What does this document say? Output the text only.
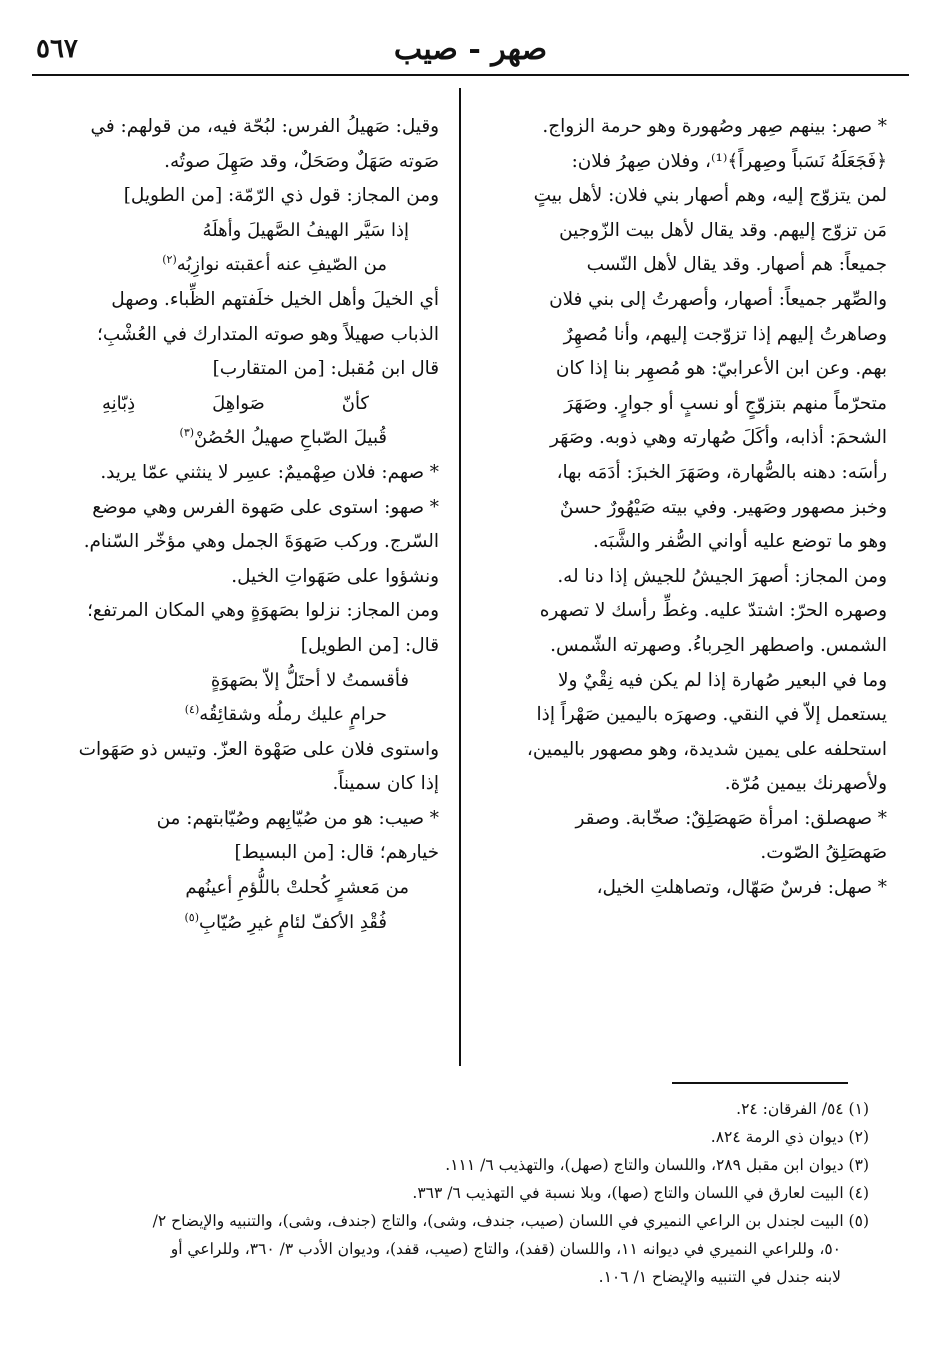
صهر - صيب
٥٦٧

* صهر: بينهم صِهر وصُهورة وهو حرمة الزواج.

﴿فَجَعَلَهُ نَسَباً وصِهراً﴾⁽¹⁾، وفلان صِهرُ فلان:

لمن يتزوّج إليه، وهم أصهار بني فلان: لأهل بيتٍ

مَن تزوّج إليهم. وقد يقال لأهل بيت الزّوجين

جميعاً: هم أصهار. وقد يقال لأهل النّسب

والصِّهر جميعاً: أصهار، وأصهرتُ إلى بني فلان

وصاهرتُ إليهم إذا تزوّجت إليهم، وأنا مُصهِرٌ

بهم. وعن ابن الأعرابيّ: هو مُصهِر بنا إذا كان

متحرّماً منهم بتزوّجٍ أو نسبٍ أو جوارٍ. وصَهَرَ

الشحمَ: أذابه، وأكَلَ صُهارته وهي ذوبه. وصَهَر

رأسَه: دهنه بالصُّهارة، وصَهَرَ الخبزَ: أدَمَه بها،

وخبز مصهور وصَهير. وفي بيته صَيْهُورٌ حسنٌ

وهو ما توضع عليه أواني الصُّفر والشَّبَه.

ومن المجاز: أصهرَ الجيشُ للجيش إذا دنا له.

وصهره الحرّ: اشتدّ عليه. وغطِّ رأسك لا تصهره

الشمس. واصطهر الحِرباءُ. وصهرته الشّمس.

وما في البعير صُهارة إذا لم يكن فيه نِقْيٌ ولا

يستعمل إلاّ في النقي. وصهرَه باليمين صَهْراً إذا

استحلفه على يمين شديدة، وهو مصهور باليمين،

ولأصهرنك بيمين مُرّة.

* صهصلق: امرأة صَهصَلِقٌ: صخّابة. وصقر

صَهصَلِقُ الصّوت.

* صهل: فرسٌ صَهّال، وتصاهلتِ الخيل،

وقيل: صَهيلُ الفرس: لبُحّة فيه، من قولهم: في

صَوته صَهَلٌ وصَحَلٌ، وقد صَهِلَ صوتُه.

ومن المجاز: قول ذي الرّمّة: [من الطويل]

إذا سَيَّر الهيفُ الصَّهيلَ وأهلَهُ

من الصّيفِ عنه أعقبته نوازِبُه$^{(٢)}$

أي الخيلَ وأهل الخيل خلَفتهم الظِّباء. وصهل

الذباب صهيلاً وهو صوته المتدارك في العُشْبِ؛

قال ابن مُقبل: [من المتقارب]

كأنّ
صَواهِلَ
ذِبّانِهِ

قُبيلَ الصّباحِ صهيلُ الحُصُنْ$^{(٣)}$

* صهم: فلان صِهْميمٌ: عسِر لا ينثني عمّا يريد.

* صهو: استوى على صَهوة الفرس وهي موضع

السّرج. وركب صَهوَةَ الجمل وهي مؤخّر السّنام.

ونشؤوا على صَهَواتِ الخيل.

ومن المجاز: نزلوا بصَهوَةٍ وهي المكان المرتفع؛

قال: [من الطويل]

فأقسمتُ لا أحتَلُّ إلاّ بصَهوَةٍ

حرامٍ عليك رملُه وشقائِقُه$^{(٤)}$

واستوى فلان على صَهْوة العزّ. وتيس ذو صَهَوات

إذا كان سميناً.

* صيب: هو من صُيّابِهم وصُيّابتهم: من

خيارهم؛ قال: [من البسيط]

من مَعشرٍ كُحلتْ باللُّؤمِ أعينُهم

فُقْدِ الأكفّ لئامٍ غيرِ صُيّابِ$^{(٥)}$

(١) ٥٤/ الفرقان: ٢٤.

(٢) ديوان ذي الرمة ٨٢٤.

(٣) ديوان ابن مقبل ٢٨٩، واللسان والتاج (صهل)، والتهذيب ٦/ ١١١.

(٤) البيت لعارق في اللسان والتاج (صها)، وبلا نسبة في التهذيب ٦/ ٣٦٣.

(٥) البيت لجندل بن الراعي النميري في اللسان (صيب، جندف، وشى)، والتاج (جندف، وشى)، والتنبيه والإيضاح ٢/

٥٠، وللراعي النميري في ديوانه ١١، واللسان (قفد)، والتاج (صيب، قفد)، وديوان الأدب ٣/ ٣٦٠، وللراعي أو

لابنه جندل في التنبيه والإيضاح ١/ ١٠٦.
